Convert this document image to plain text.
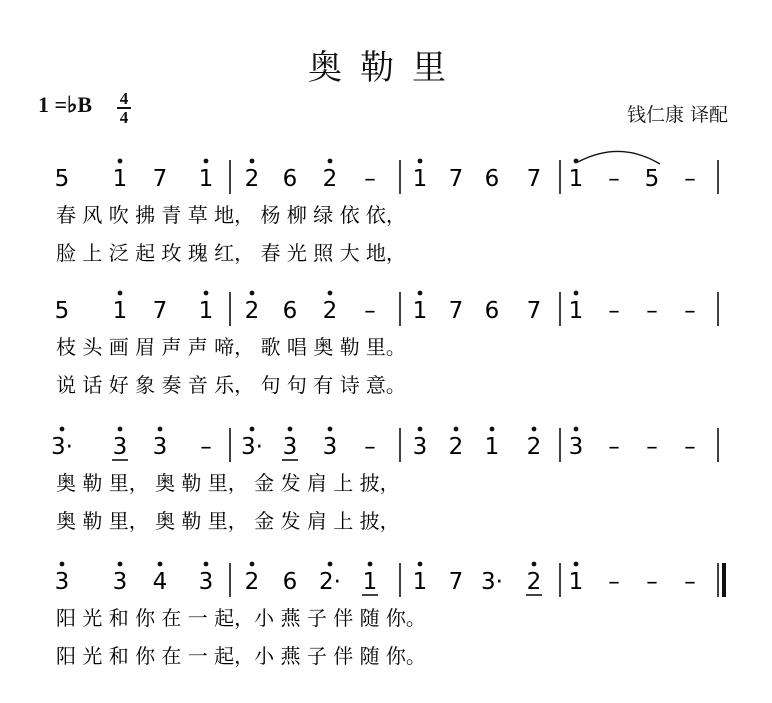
奥勒里
1 =♭B 4
4	钱仁康 译配
5 1 7 1 2 6 2 – 1 7 6 7 1 – 5 –
春 风 吹 拂 青 草 地， 杨 柳 绿 依 依，
脸 上 泛 起 玫 瑰 红， 春 光 照 大 地，
5 1 7 1 2 6 2 – 1 7 6 7 1 – – –
枝 头 画 眉 声 声 啼， 歌 唱 奥 勒 里。
说 话 好 象 奏 音 乐， 句 句 有 诗 意。
3· 3 3 – 3· 3 3 – 3 2 1 2 3 – – –
奥 勒 里， 奥 勒 里， 金 发 肩 上 披，
奥 勒 里， 奥 勒 里， 金 发 肩 上 披，
3 3 4 3 2 6 2· 1 1 7 3· 2 1 – – –
阳 光 和 你 在 一 起，小 燕 子 伴 随 你。
阳 光 和 你 在 一 起，小 燕 子 伴 随 你。
